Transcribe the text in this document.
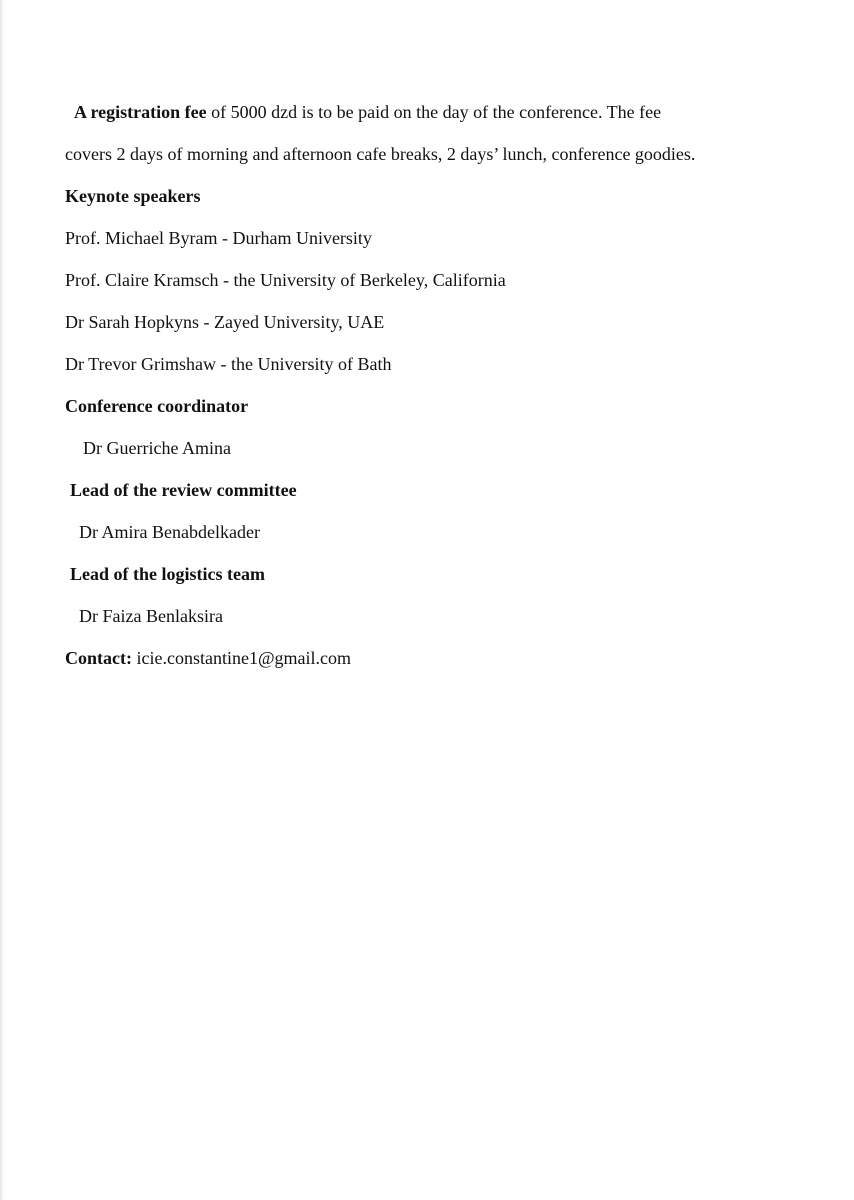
A registration fee of 5000 dzd is to be paid on the day of the conference. The fee
covers 2 days of morning and afternoon cafe breaks, 2 days’ lunch, conference goodies.
Keynote speakers
Prof. Michael Byram - Durham University
Prof. Claire Kramsch - the University of Berkeley, California
Dr Sarah Hopkyns - Zayed University, UAE
Dr Trevor Grimshaw - the University of Bath
Conference coordinator
Dr Guerriche Amina
Lead of the review committee
Dr Amira Benabdelkader
Lead of the logistics team
Dr Faiza Benlaksira
Contact: icie.constantine1@gmail.com
